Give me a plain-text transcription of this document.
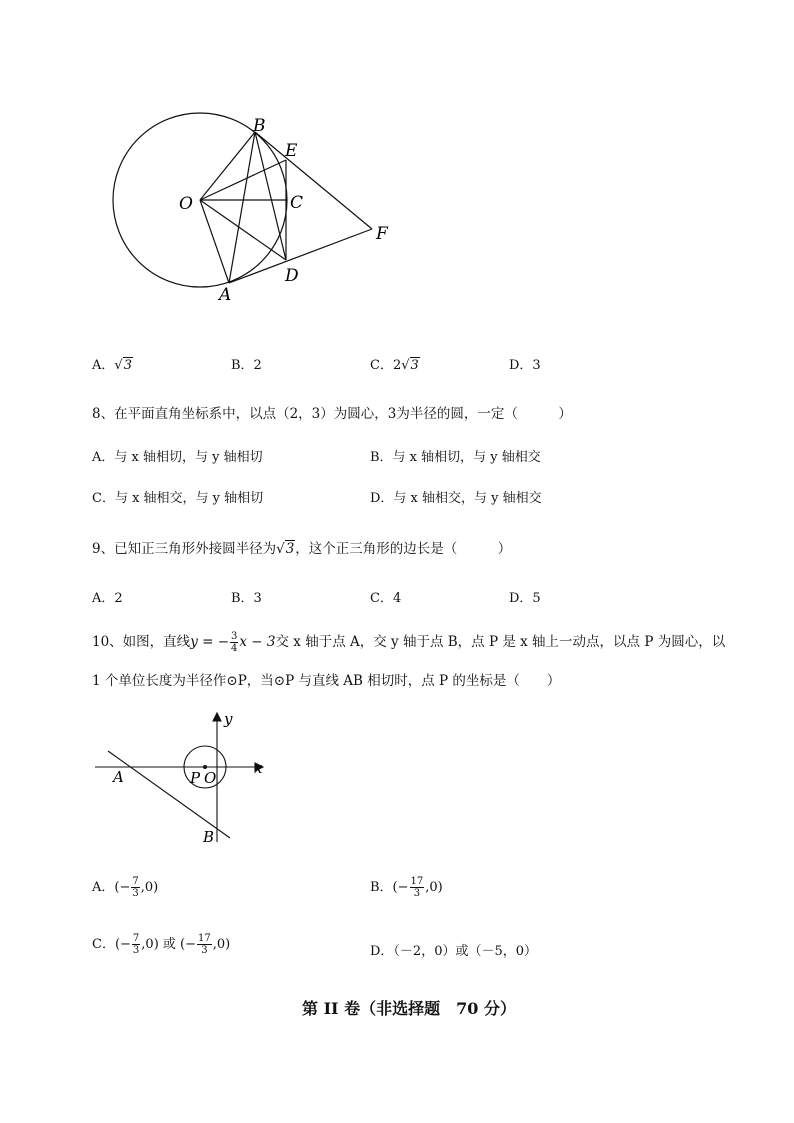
B
E
O	C
F
D
A
A．√3	B．2	C．2√3	D．3
8、在平面直角坐标系中，以点（2，3）为圆心，3为半径的圆，一定（　　　）
A．与 x 轴相切，与 y 轴相切	B．与 x 轴相切，与 y 轴相交
C．与 x 轴相交，与 y 轴相切	D．与 x 轴相交，与 y 轴相交
9、已知正三角形外接圆半径为√3，这个正三角形的边长是（　　　）
A．2	B．3	C．4	D．5
10、如图，直线y = − $\frac{3}{4}$ x − 3交 x 轴于点 A，交 y 轴于点 B，点 P 是 x 轴上一动点，以点 P 为圆心，以
1 个单位长度为半径作⊙P，当⊙P 与直线 AB 相切时，点 P 的坐标是（　　）
y
x
A	P O
B
A．(− $\frac{7}{3} ,0$)	B．(− $\frac{17}{3} ,0$)
C．(− $\frac{7}{3} ,0$) 或 (− $\frac{17}{3} ,0$)	D．（－2，0）或（－5，0）
第 II 卷（非选择题　70 分）
